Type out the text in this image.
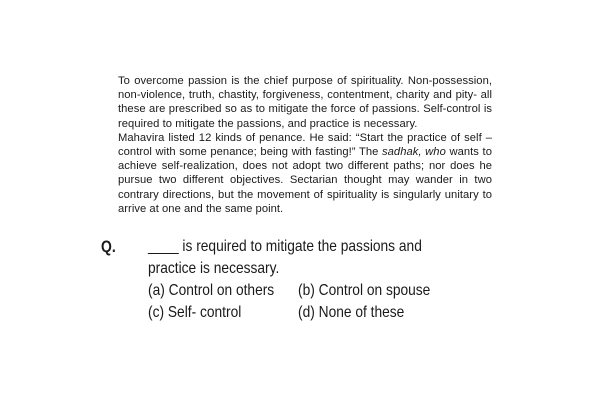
To overcome passion is the chief purpose of spirituality. Non-possession, non-violence, truth, chastity, forgiveness, contentment, charity and pity- all these are prescribed so as to mitigate the force of passions. Self-control is required to mitigate the passions, and practice is necessary.

Mahavira listed 12 kinds of penance. He said: “Start the practice of self –control with some penance; being with fasting!” The sadhak, who wants to achieve self-realization, does not adopt two different paths; nor does he pursue two different objectives. Sectarian thought may wander in two contrary directions, but the movement of spirituality is singularly unitary to arrive at one and the same point.

Q.	____ is required to mitigate the passions and practice is necessary.
(a) Control on others (b) Control on spouse
(c) Self- control	(d) None of these
